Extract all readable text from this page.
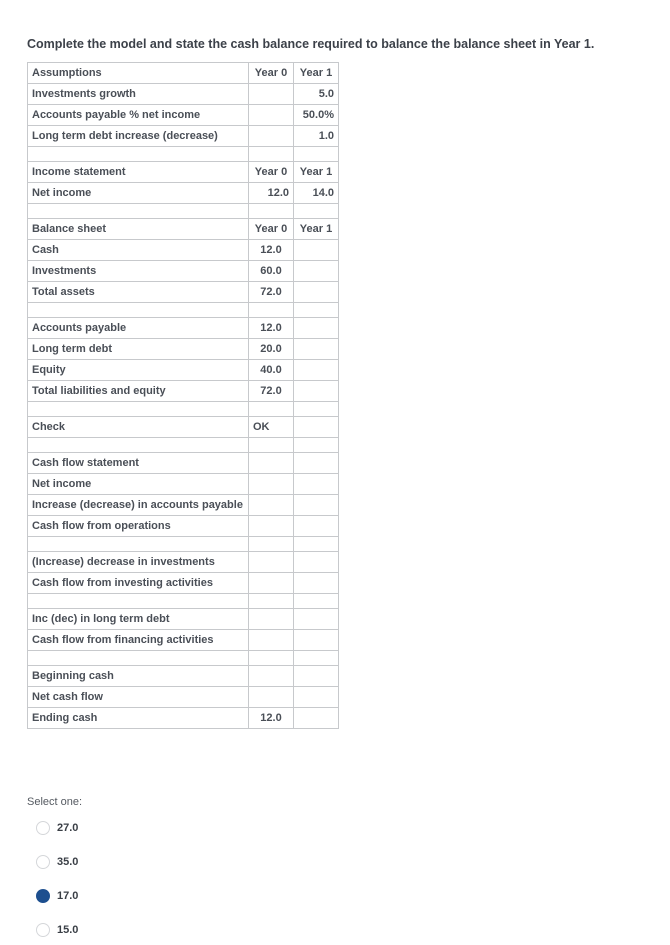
Complete the model and state the cash balance required to balance the balance sheet in Year 1.
Assumptions	Year 0	Year 1
Investments growth		5.0
Accounts payable % net income		50.0%
Long term debt increase (decrease)		1.0

Income statement	Year 0	Year 1
Net income	12.0	14.0

Balance sheet	Year 0	Year 1
Cash	12.0	
Investments	60.0	
Total assets	72.0	

Accounts payable	12.0	
Long term debt	20.0	
Equity	40.0	
Total liabilities and equity	72.0	

Check	OK	

Cash flow statement		
Net income		
Increase (decrease) in accounts payable		
Cash flow from operations		

(Increase) decrease in investments		
Cash flow from investing activities		

Inc (dec) in long term debt		
Cash flow from financing activities		

Beginning cash		
Net cash flow		
Ending cash	12.0	
Select one:
27.0
35.0
17.0
15.0
